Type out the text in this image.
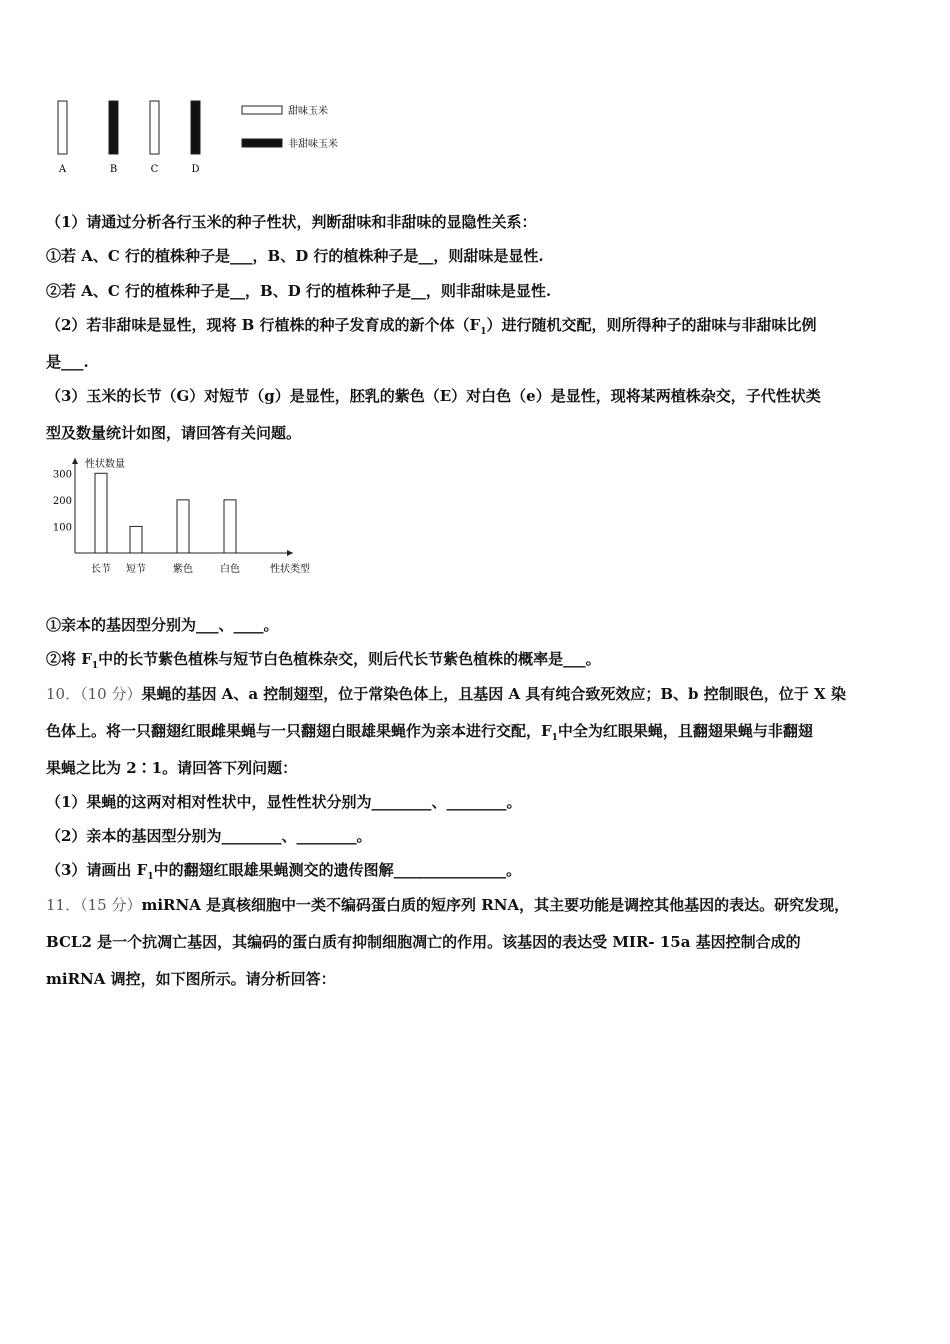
A	B	C	D
甜味玉米
非甜味玉米
（1）请通过分析各行玉米的种子性状，判断甜味和非甜味的显隐性关系：
①若 A、C 行的植株种子是___，B、D 行的植株种子是__，则甜味是显性.
②若 A、C 行的植株种子是__，B、D 行的植株种子是__，则非甜味是显性.
（2）若非甜味是显性，现将 B 行植株的种子发育成的新个体$(F_1)$进行随机交配，则所得种子的甜味与非甜味比例
是___.
（3）玉米的长节（G）对短节（g）是显性，胚乳的紫色（E）对白色（e）是显性，现将某两植株杂交，子代性状类
型及数量统计如图，请回答有关问题。
性状数量
100
200
300
长节 短节	紫色	白色	性状类型
①亲本的基因型分别为___、____。
②将 $F_1$中的长节紫色植株与短节白色植株杂交，则后代长节紫色植株的概率是___。
10．（10 分）果蝇的基因 A、a 控制翅型，位于常染色体上，且基因 A 具有纯合致死效应；B、b 控制眼色，位于 X 染
色体上。将一只翻翅红眼雌果蝇与一只翻翅白眼雄果蝇作为亲本进行交配，$F_1$中全为红眼果蝇，且翻翅果蝇与非翻翅
果蝇之比为 2∶1。请回答下列问题：
（1）果蝇的这两对相对性状中，显性性状分别为________、________。
（2）亲本的基因型分别为________、________。
（3）请画出 $F_1$中的翻翅红眼雄果蝇测交的遗传图解_______________。
11．（15 分）miRNA 是真核细胞中一类不编码蛋白质的短序列 RNA，其主要功能是调控其他基因的表达。研究发现，
BCL2 是一个抗凋亡基因，其编码的蛋白质有抑制细胞凋亡的作用。该基因的表达受 MIR- 15a 基因控制合成的
miRNA 调控，如下图所示。请分析回答：
